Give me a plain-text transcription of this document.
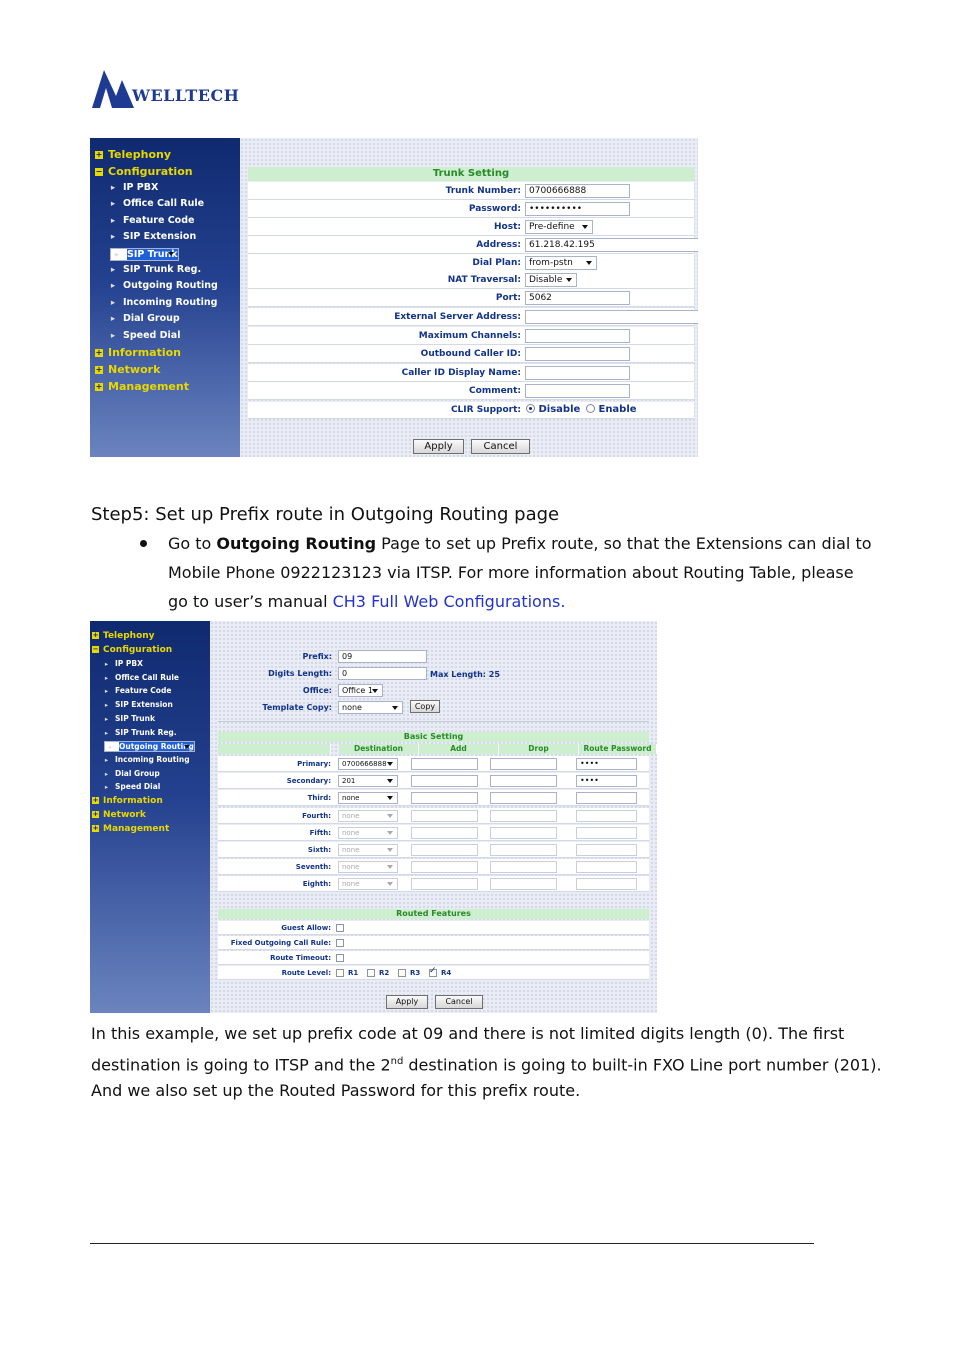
WELLTECH
+ Telephony
− Configuration
▸ IP PBX
▸ Office Call Rule
▸ Feature Code
▸ SIP Extension
▸ SIP Trunk
▸ SIP Trunk Reg.
▸ Outgoing Routing
▸ Incoming Routing
▸ Dial Group
▸ Speed Dial
+ Information
+ Network
+ Management
Trunk Setting
Trunk Number: 0700666888
Password: ••••••••••
Host: Pre-define
Address: 61.218.42.195
Dial Plan: from-pstn
NAT Traversal: Disable
Port: 5062
External Server Address:
Maximum Channels:
Outbound Caller ID:
Caller ID Display Name:
Comment:
CLIR Support:	Disable	Enable
Apply	Cancel
Step5: Set up Prefix route in Outgoing Routing page
Go to Outgoing Routing Page to set up Prefix route, so that the Extensions can dial to
Mobile Phone 0922123123 via ITSP. For more information about Routing Table, please
go to user’s manual CH3 Full Web Configurations.
+ Telephony
− Configuration
▸ IP PBX
▸ Office Call Rule
▸ Feature Code
▸ SIP Extension
▸ SIP Trunk
▸ SIP Trunk Reg.
▸ Outgoing Routing
▸ Incoming Routing
▸ Dial Group
▸ Speed Dial
+ Information
+ Network
+ Management
Prefix:	09
Digits Length:	0	Max Length: 25
Office:	Office 1
Template Copy:	none	Copy
Basic Setting
Destination	Add	Drop	Route Password
Primary:	0700666888	••••
Secondary:	201	••••
Third:	none
Fourth:	none
Fifth:	none
Sixth:	none
Seventh:	none
Eighth:	none
Routed Features
Guest Allow:
Fixed Outgoing Call Rule:
Route Timeout:
Route Level: R1	R2	R3
✓	R4
Apply	Cancel
In this example, we set up prefix code at 09 and there is not limited digits length (0). The first
destination is going to ITSP and the 2nd destination is going to built-in FXO Line port number (201).
And we also set up the Routed Password for this prefix route.
